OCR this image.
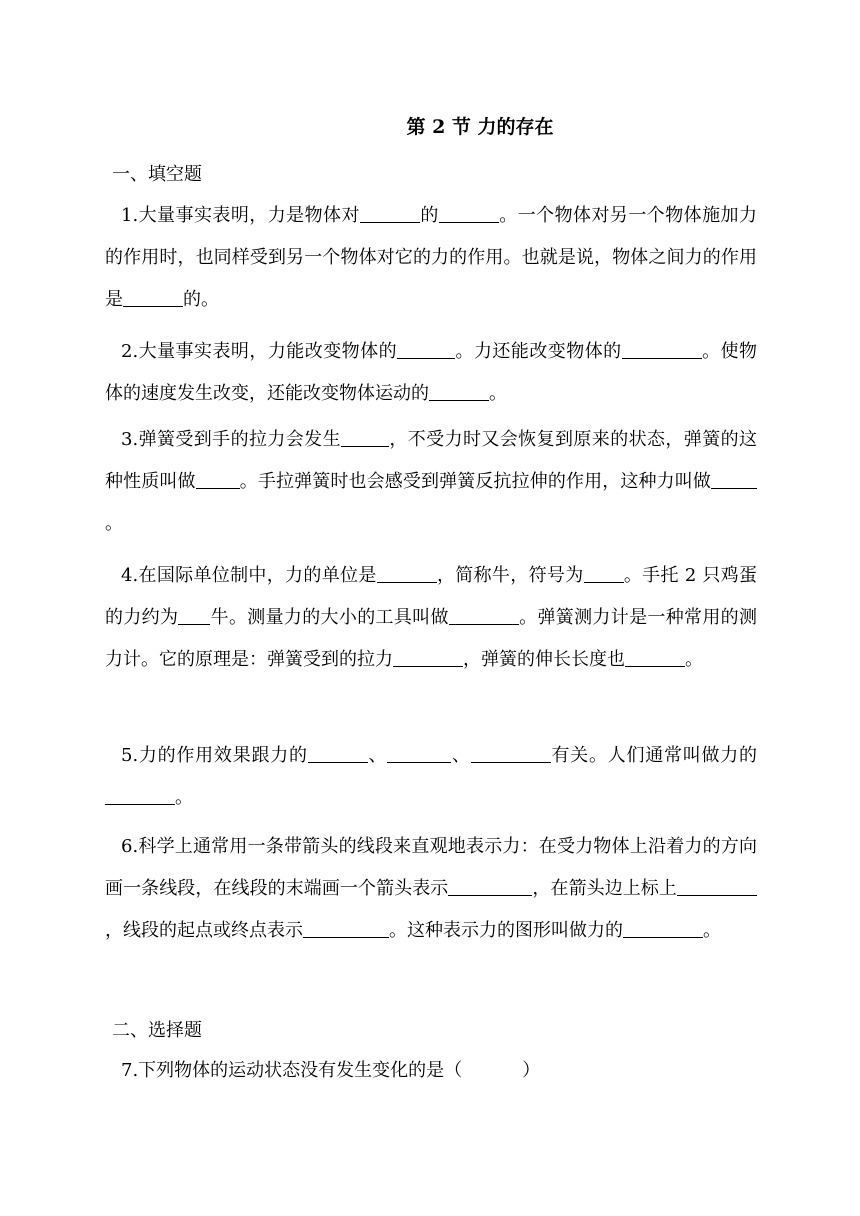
第 2 节 力的存在
一、填空题
1.大量事实表明，力是物体对	的	。一个物体对另一个物体施加力的作用时，也同样受到另一个物体对它的力的作用。也就是说，物体之间力的作用是	的。
2.大量事实表明，力能改变物体的	。力还能改变物体的	。使物体的速度发生改变，还能改变物体运动的	。
3.弹簧受到手的拉力会发生	，不受力时又会恢复到原来的状态，弹簧的这种性质叫做 。手拉弹簧时也会感受到弹簧反抗拉伸的作用，这种力叫做。
4.在国际单位制中，力的单位是	，简称牛，符号为 。手托 2 只鸡蛋的力约为 牛。测量力的大小的工具叫做	。弹簧测力计是一种常用的测力计。它的原理是：弹簧受到的拉力	，弹簧的伸长长度也	。
5.力的作用效果跟力的	、	、	有关。人们通常叫做力的。
6.科学上通常用一条带箭头的线段来直观地表示力：在受力物体上沿着力的方向画一条线段，在线段的末端画一个箭头表示	，在箭头边上标上，线段的起点或终点表示	。这种表示力的图形叫做力的	。
二、选择题
7.下列物体的运动状态没有发生变化的是（	）
